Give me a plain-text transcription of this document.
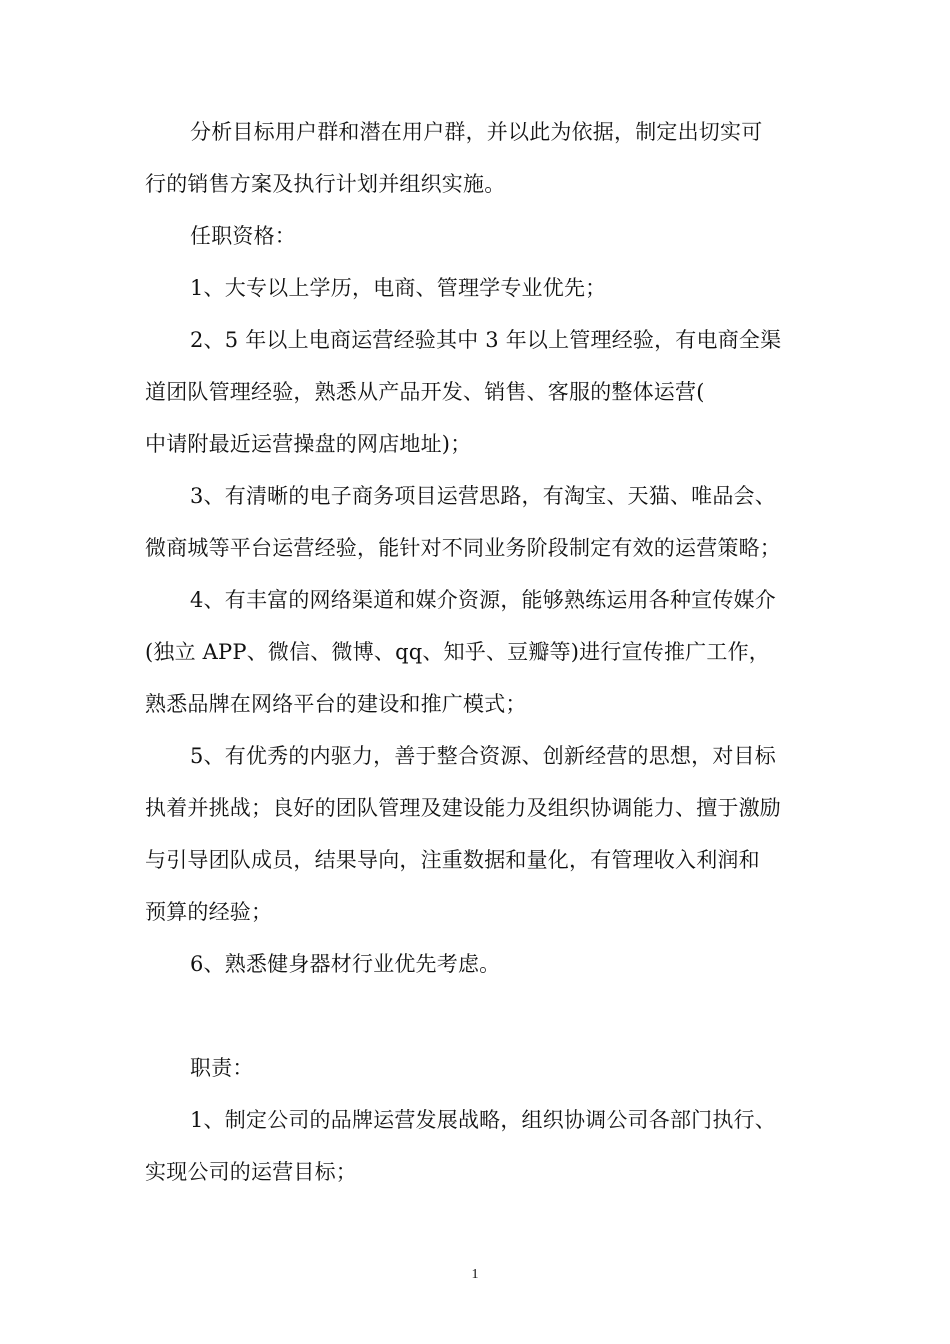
分析目标用户群和潜在用户群，并以此为依据，制定出切实可
行的销售方案及执行计划并组织实施。
任职资格：
1、大专以上学历，电商、管理学专业优先；
2、5 年以上电商运营经验其中 3 年以上管理经验，有电商全渠
道团队管理经验，熟悉从产品开发、销售、客服的整体运营(
中请附最近运营操盘的网店地址)；
3、有清晰的电子商务项目运营思路，有淘宝、天猫、唯品会、
微商城等平台运营经验，能针对不同业务阶段制定有效的运营策略；
4、有丰富的网络渠道和媒介资源，能够熟练运用各种宣传媒介
(独立 APP、微信、微博、qq、知乎、豆瓣等)进行宣传推广工作，
熟悉品牌在网络平台的建设和推广模式；
5、有优秀的内驱力，善于整合资源、创新经营的思想，对目标
执着并挑战；良好的团队管理及建设能力及组织协调能力、擅于激励
与引导团队成员，结果导向，注重数据和量化，有管理收入利润和
预算的经验；
6、熟悉健身器材行业优先考虑。
职责：
1、制定公司的品牌运营发展战略，组织协调公司各部门执行、
实现公司的运营目标；
1
